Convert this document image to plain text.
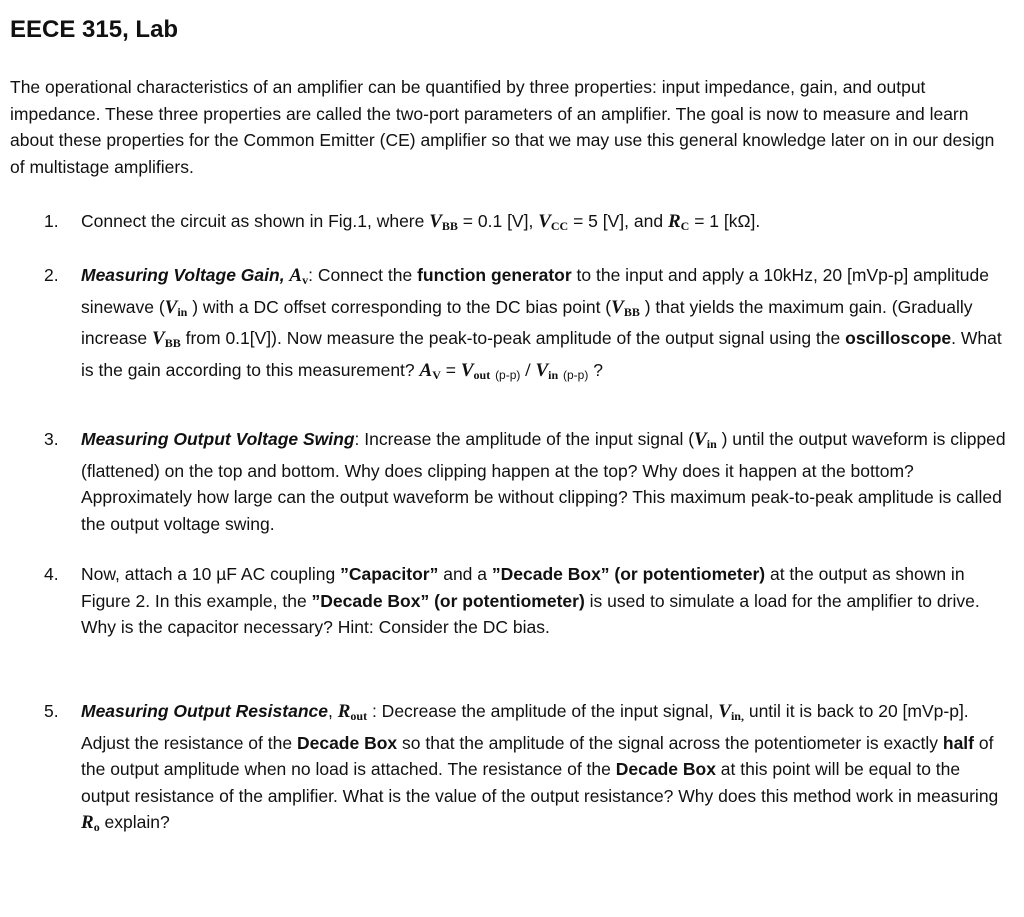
EECE 315, Lab

The operational characteristics of an amplifier can be quantified by three properties: input impedance, gain, and output impedance. These three properties are called the two-port parameters of an amplifier. The goal is now to measure and learn about these properties for the Common Emitter (CE) amplifier so that we may use this general knowledge later on in our design of multistage amplifiers.

1. Connect the circuit as shown in Fig.1, where $V_{BB} = 0.1$ [V], $V_{CC} = 5$ [V], and $R_C = 1$ [kΩ].
2. Measuring Voltage Gain, $A_v$: Connect the function generator to the input and apply a 10kHz, 20 [mVp-p] amplitude sinewave ($V_{in}$ ) with a DC offset corresponding to the DC bias point ($V_{BB}$ ) that yields the maximum gain. (Gradually increase $V_{BB}$ from 0.1[V]). Now measure the peak-to-peak amplitude of the output signal using the oscilloscope. What is the gain according to this measurement? $A_V = V_{out}$ $(p-p) / V_{in}$ (p-p) ?
3. Measuring Output Voltage Swing: Increase the amplitude of the input signal ($V_{in}$ ) until the output waveform is clipped (flattened) on the top and bottom. Why does clipping happen at the top? Why does it happen at the bottom? Approximately how large can the output waveform be without clipping? This maximum peak-to-peak amplitude is called the output voltage swing.
4. Now, attach a 10 µF AC coupling ”Capacitor” and a ”Decade Box” (or potentiometer) at the output as shown in Figure 2. In this example, the ”Decade Box” (or potentiometer) is used to simulate a load for the amplifier to drive. Why is the capacitor necessary? Hint: Consider the DC bias.
5. Measuring Output Resistance, $R_{out}$ : Decrease the amplitude of the input signal, $V_{in,}$ until it is back to 20 [mVp-p]. Adjust the resistance of the Decade Box so that the amplitude of the signal across the potentiometer is exactly half of the output amplitude when no load is attached. The resistance of the Decade Box at this point will be equal to the output resistance of the amplifier. What is the value of the output resistance? Why does this method work in measuring $R_o$ explain?
